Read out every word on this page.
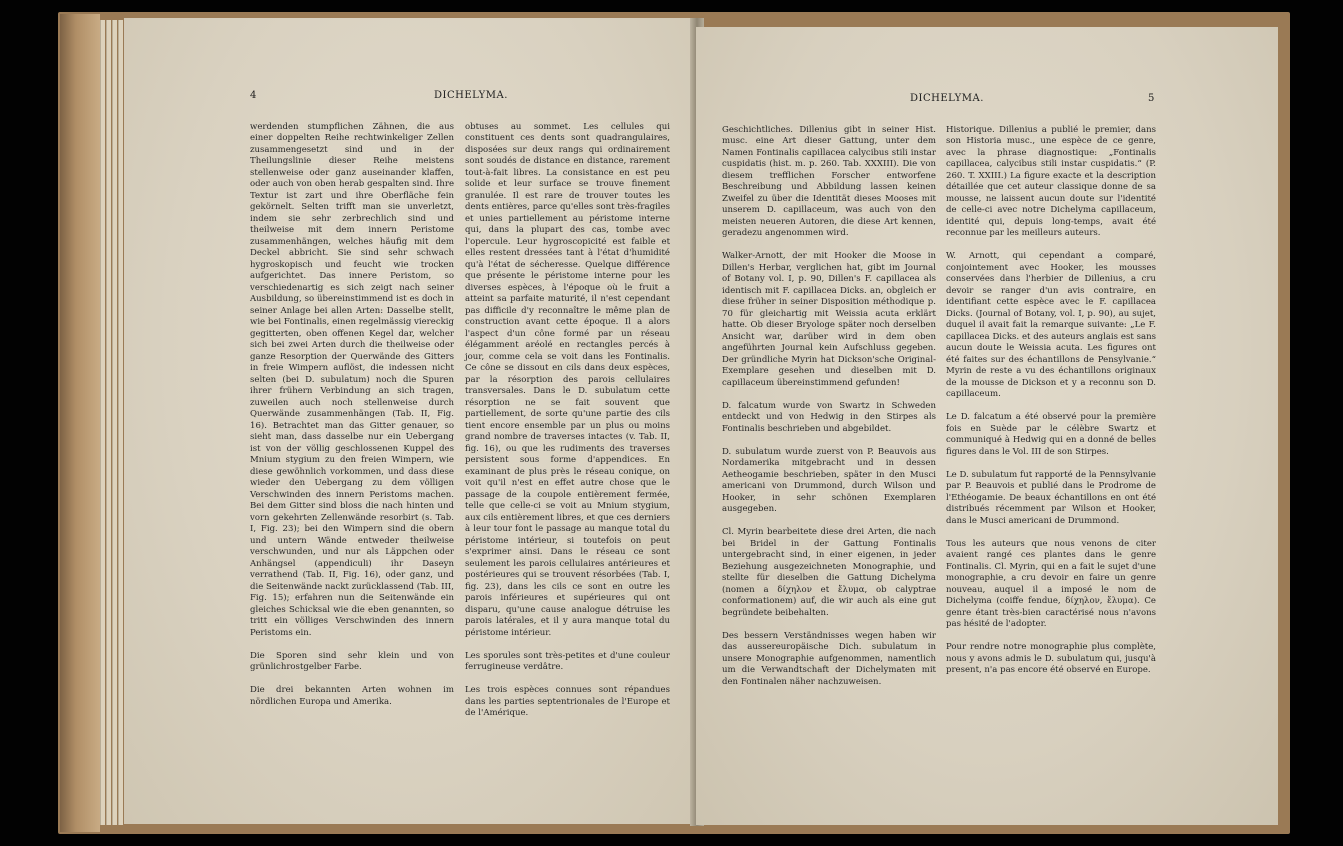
4	DICHELYMA.

werdenden stumpflichen Zähnen, die aus einer doppelten Reihe rechtwinkeliger Zellen zusammengesetzt sind und in der Theilungslinie dieser Reihe meistens stellenweise oder ganz auseinander klaffen, oder auch von oben herab gespalten sind. Ihre Textur ist zart und ihre Oberfläche fein gekörnelt. Selten trifft man sie unverletzt, indem sie sehr zerbrechlich sind und theilweise mit dem innern Peristome zusammenhängen, welches häufig mit dem Deckel abbricht. Sie sind sehr schwach hygroskopisch und feucht wie trocken aufgerichtet. Das innere Peristom, so verschiedenartig es sich zeigt nach seiner Ausbildung, so übereinstimmend ist es doch in seiner Anlage bei allen Arten: Dasselbe stellt, wie bei Fontinalis, einen regelmässig viereckig gegitterten, oben offenen Kegel dar, welcher sich bei zwei Arten durch die theilweise oder ganze Resorption der Querwände des Gitters in freie Wimpern auflöst, die indessen nicht selten (bei D. subulatum) noch die Spuren ihrer frühern Verbindung an sich tragen, zuweilen auch noch stellenweise durch Querwände zusammenhängen (Tab. II, Fig. 16). Betrachtet man das Gitter genauer, so sieht man, dass dasselbe nur ein Uebergang ist von der völlig geschlossenen Kuppel des Mnium stygium zu den freien Wimpern, wie diese gewöhnlich vorkommen, und dass diese wieder den Uebergang zu dem völligen Verschwinden des innern Peristoms machen. Bei dem Gitter sind bloss die nach hinten und vorn gekehrten Zellenwände resorbirt (s. Tab. I, Fig. 23); bei den Wimpern sind die obern und untern Wände entweder theilweise verschwunden, und nur als Läppchen oder Anhängsel (appendiculi) ihr Daseyn verrathend (Tab. II, Fig. 16), oder ganz, und die Seitenwände nackt zurücklassend (Tab. III, Fig. 15); erfahren nun die Seitenwände ein gleiches Schicksal wie die eben genannten, so tritt ein völliges Verschwinden des innern Peristoms ein.

Die Sporen sind sehr klein und von grünlichrostgelber Farbe.

Die drei bekannten Arten wohnen im nördlichen Europa und Amerika.

obtuses au sommet. Les cellules qui constituent ces dents sont quadrangulaires, disposées sur deux rangs qui ordinairement sont soudés de distance en distance, rarement tout-à-fait libres. La consistance en est peu solide et leur surface se trouve finement granulée. Il est rare de trouver toutes les dents entières, parce qu'elles sont très-fragiles et unies partiellement au péristome interne qui, dans la plupart des cas, tombe avec l'opercule. Leur hygroscopicité est faible et elles restent dressées tant à l'état d'humidité qu'à l'état de sécheresse. Quelque différence que présente le péristome interne pour les diverses espèces, à l'époque où le fruit a atteint sa parfaite maturité, il n'est cependant pas difficile d'y reconnaître le même plan de construction avant cette époque. Il a alors l'aspect d'un cône formé par un réseau élégamment aréolé en rectangles percés à jour, comme cela se voit dans les Fontinalis. Ce cône se dissout en cils dans deux espèces, par la résorption des parois cellulaires transversales. Dans le D. subulatum cette résorption ne se fait souvent que partiellement, de sorte qu'une partie des cils tient encore ensemble par un plus ou moins grand nombre de traverses intactes (v. Tab. II, fig. 16), ou que les rudiments des traverses persistent sous forme d'appendices. En examinant de plus près le réseau conique, on voit qu'il n'est en effet autre chose que le passage de la coupole entièrement fermée, telle que celle-ci se voit au Mnium stygium, aux cils entièrement libres, et que ces derniers à leur tour font le passage au manque total du péristome intérieur, si toutefois on peut s'exprimer ainsi. Dans le réseau ce sont seulement les parois cellulaires antérieures et postérieures qui se trouvent résorbées (Tab. I, fig. 23), dans les cils ce sont en outre les parois inférieures et supérieures qui ont disparu, qu'une cause analogue détruise les parois latérales, et il y aura manque total du péristome intérieur.

Les sporules sont très-petites et d'une couleur ferrugineuse verdâtre.

Les trois espèces connues sont répandues dans les parties septentrionales de l'Europe et de l'Amérique.

DICHELYMA.	5

Geschichtliches. Dillenius gibt in seiner Hist. musc. eine Art dieser Gattung, unter dem Namen Fontinalis capillacea calycibus stili instar cuspidatis (hist. m. p. 260. Tab. XXXIII). Die von diesem trefflichen Forscher entworfene Beschreibung und Abbildung lassen keinen Zweifel zu über die Identität dieses Mooses mit unserem D. capillaceum, was auch von den meisten neueren Autoren, die diese Art kennen, geradezu angenommen wird.

Walker-Arnott, der mit Hooker die Moose in Dillen's Herbar, verglichen hat, gibt im Journal of Botany vol. I, p. 90, Dillen's F. capillacea als identisch mit F. capillacea Dicks. an, obgleich er diese früher in seiner Disposition méthodique p. 70 für gleichartig mit Weissia acuta erklärt hatte. Ob dieser Bryologe später noch derselben Ansicht war, darüber wird in dem oben angeführten Journal kein Aufschluss gegeben. Der gründliche Myrin hat Dickson'sche Original-Exemplare gesehen und dieselben mit D. capillaceum übereinstimmend gefunden!

D. falcatum wurde von Swartz in Schweden entdeckt und von Hedwig in den Stirpes als Fontinalis beschrieben und abgebildet.

D. subulatum wurde zuerst von P. Beauvois aus Nordamerika mitgebracht und in dessen Aetheogamie beschrieben, später in den Musci americani von Drummond, durch Wilson und Hooker, in sehr schönen Exemplaren ausgegeben.

Cl. Myrin bearbeitete diese drei Arten, die nach bei Bridel in der Gattung Fontinalis untergebracht sind, in einer eigenen, in jeder Beziehung ausgezeichneten Monographie, und stellte für dieselben die Gattung Dichelyma (nomen a δίχηλον et ἔλυμα, ob calyptrae conformationem) auf, die wir auch als eine gut begründete beibehalten.

Des bessern Verständnisses wegen haben wir das aussereuropäische Dich. subulatum in unsere Monographie aufgenommen, namentlich um die Verwandtschaft der Dichelymaten mit den Fontinalen näher nachzuweisen.

Historique. Dillenius a publié le premier, dans son Historia musc., une espèce de ce genre, avec la phrase diagnostique: „Fontinalis capillacea, calycibus stili instar cuspidatis.“ (P. 260. T. XXIII.) La figure exacte et la description détaillée que cet auteur classique donne de sa mousse, ne laissent aucun doute sur l'identité de celle-ci avec notre Dichelyma capillaceum, identité qui, depuis long-temps, avait été reconnue par les meilleurs auteurs.

W. Arnott, qui cependant a comparé, conjointement avec Hooker, les mousses conservées dans l'herbier de Dillenius, a cru devoir se ranger d'un avis contraire, en identifiant cette espèce avec le F. capillacea Dicks. (Journal of Botany, vol. I, p. 90), au sujet, duquel il avait fait la remarque suivante: „Le F. capillacea Dicks. et des auteurs anglais est sans aucun doute le Weissia acuta. Les figures ont été faites sur des échantillons de Pensylvanie.“ Myrin de reste a vu des échantillons originaux de la mousse de Dickson et y a reconnu son D. capillaceum.

Le D. falcatum a été observé pour la première fois en Suède par le célèbre Swartz et communiqué à Hedwig qui en a donné de belles figures dans le Vol. III de son Stirpes.

Le D. subulatum fut rapporté de la Pennsylvanie par P. Beauvois et publié dans le Prodrome de l'Ethéogamie. De beaux échantillons en ont été distribués récemment par Wilson et Hooker, dans le Musci americani de Drummond.

Tous les auteurs que nous venons de citer avaient rangé ces plantes dans le genre Fontinalis. Cl. Myrin, qui en a fait le sujet d'une monographie, a cru devoir en faire un genre nouveau, auquel il a imposé le nom de Dichelyma (coiffe fendue, δίχηλον, ἔλυμα). Ce genre étant très-bien caractérisé nous n'avons pas hésité de l'adopter.

Pour rendre notre monographie plus complète, nous y avons admis le D. subulatum qui, jusqu'à present, n'a pas encore été observé en Europe.
